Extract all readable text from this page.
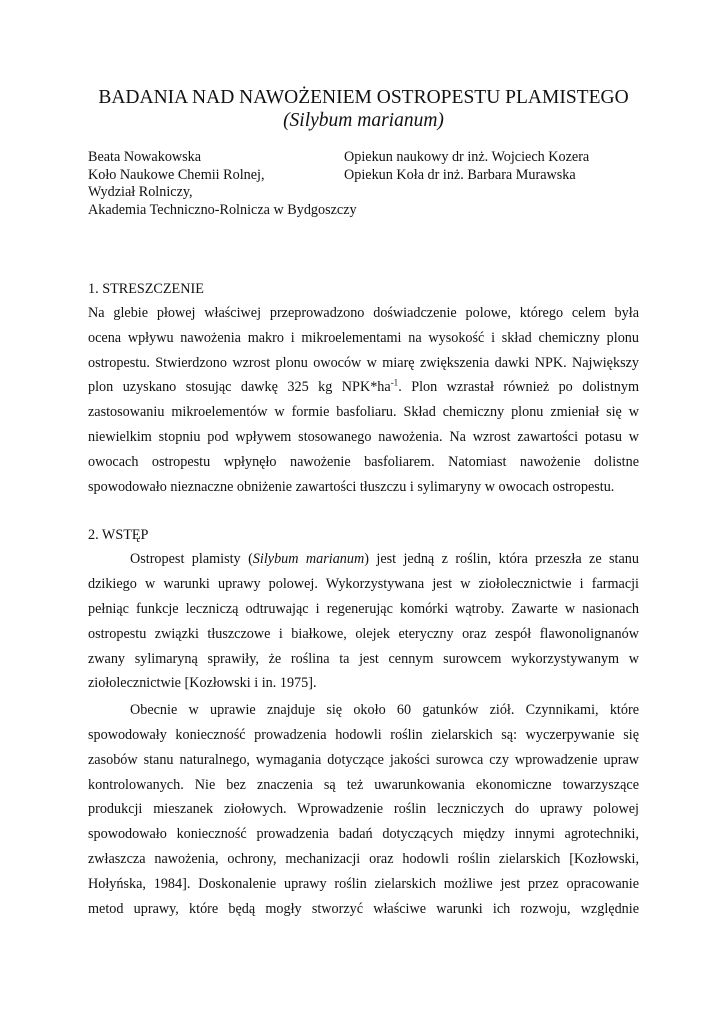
BADANIA NAD NAWOŻENIEM OSTROPESTU PLAMISTEGO
(Silybum marianum)
Beata Nowakowska
Koło Naukowe Chemii Rolnej,
Wydział Rolniczy,
Akademia Techniczno-Rolnicza w Bydgoszczy
Opiekun naukowy dr inż. Wojciech Kozera
Opiekun Koła dr inż. Barbara Murawska
1. STRESZCZENIE
Na glebie płowej właściwej przeprowadzono doświadczenie polowe, którego celem była
ocena wpływu nawożenia makro i mikroelementami na wysokość i skład chemiczny plonu
ostropestu. Stwierdzono wzrost plonu owoców w miarę zwiększenia dawki NPK. Największy
plon uzyskano stosując dawkę 325 kg $NPK*ha^{-1}$. Plon wzrastał również po dolistnym
zastosowaniu mikroelementów w formie basfoliaru. Skład chemiczny plonu zmieniał się w
niewielkim stopniu pod wpływem stosowanego nawożenia. Na wzrost zawartości potasu w
owocach ostropestu wpłynęło nawożenie basfoliarem. Natomiast nawożenie dolistne
spowodowało nieznaczne obniżenie zawartości tłuszczu i sylimaryny w owocach ostropestu.
2. WSTĘP
Ostropest plamisty (Silybum marianum) jest jedną z roślin, która przeszła ze stanu
dzikiego w warunki uprawy polowej. Wykorzystywana jest w ziołolecznictwie i farmacji
pełniąc funkcje leczniczą odtruwając i regenerując komórki wątroby. Zawarte w nasionach
ostropestu związki tłuszczowe i białkowe, olejek eteryczny oraz zespół flawonolignanów
zwany sylimaryną sprawiły, że roślina ta jest cennym surowcem wykorzystywanym w
ziołolecznictwie [Kozłowski i in. 1975].
Obecnie w uprawie znajduje się około 60 gatunków ziół. Czynnikami, które
spowodowały konieczność prowadzenia hodowli roślin zielarskich są: wyczerpywanie się
zasobów stanu naturalnego, wymagania dotyczące jakości surowca czy wprowadzenie upraw
kontrolowanych. Nie bez znaczenia są też uwarunkowania ekonomiczne towarzyszące
produkcji mieszanek ziołowych. Wprowadzenie roślin leczniczych do uprawy polowej
spowodowało konieczność prowadzenia badań dotyczących między innymi agrotechniki,
zwłaszcza nawożenia, ochrony, mechanizacji oraz hodowli roślin zielarskich [Kozłowski,
Hołyńska, 1984]. Doskonalenie uprawy roślin zielarskich możliwe jest przez opracowanie
metod uprawy, które będą mogły stworzyć właściwe warunki ich rozwoju, względnie
